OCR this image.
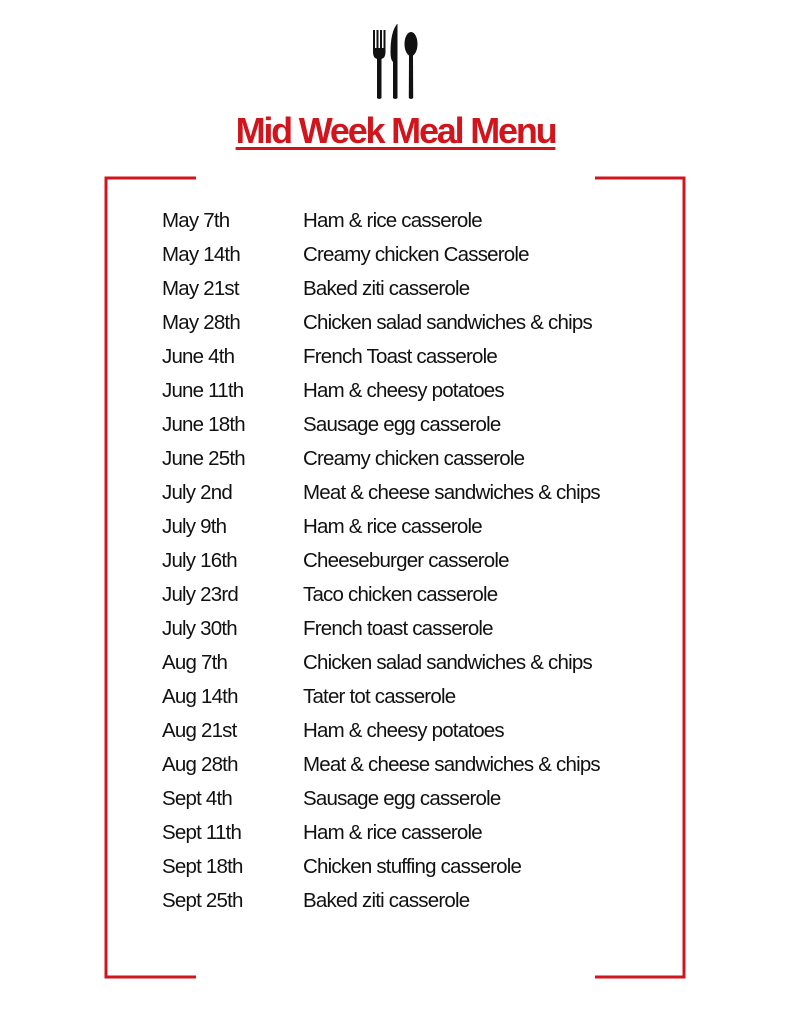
Mid Week Meal Menu
May 7th	Ham & rice casserole
May 14th	Creamy chicken Casserole
May 21st	Baked ziti casserole
May 28th	Chicken salad sandwiches & chips
June 4th	French Toast casserole
June 11th	Ham & cheesy potatoes
June 18th	Sausage egg casserole
June 25th	Creamy chicken casserole
July 2nd	Meat & cheese sandwiches & chips
July 9th	Ham & rice casserole
July 16th	Cheeseburger casserole
July 23rd	Taco chicken casserole
July 30th	French toast casserole
Aug 7th	Chicken salad sandwiches & chips
Aug 14th	Tater tot casserole
Aug 21st	Ham & cheesy potatoes
Aug 28th	Meat & cheese sandwiches & chips
Sept 4th	Sausage egg casserole
Sept 11th	Ham & rice casserole
Sept 18th	Chicken stuffing casserole
Sept 25th	Baked ziti casserole
